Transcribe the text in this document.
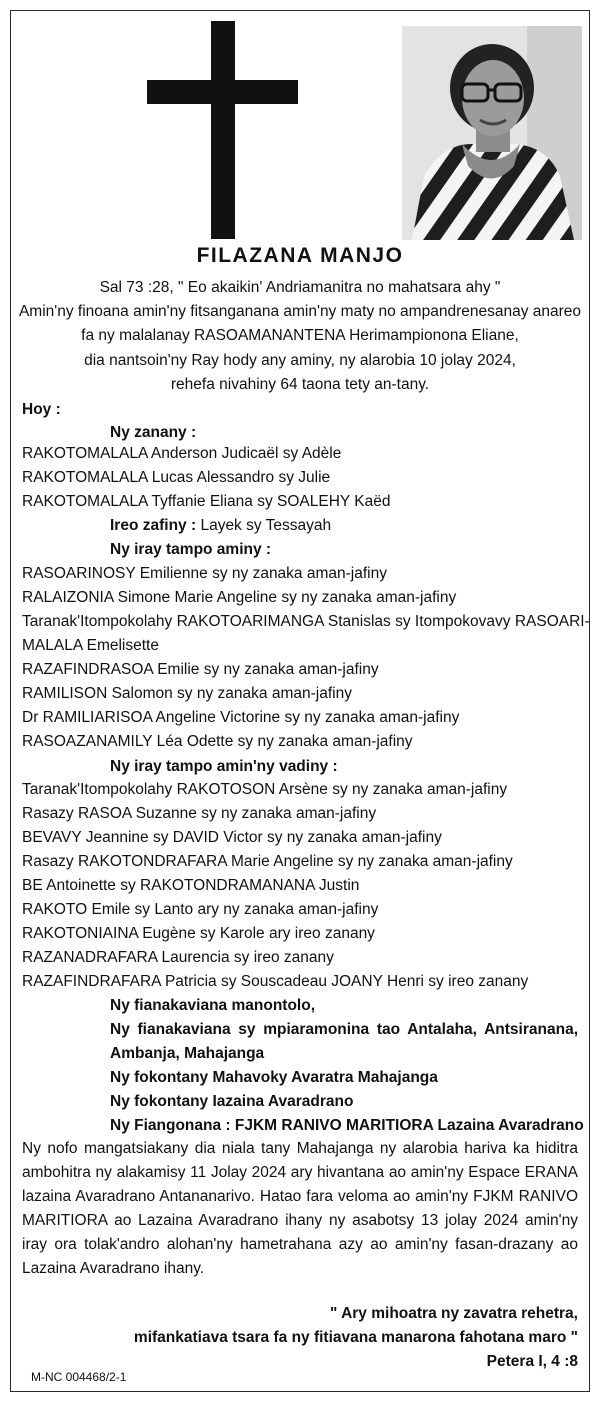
FILAZANA MANJO
Sal 73 :28, " Eo akaikin' Andriamanitra no mahatsara ahy "
Amin'ny finoana amin'ny fitsanganana amin'ny maty no ampandrenesanay anareo
fa ny malalanay RASOAMANANTENA Herimampionona Eliane,
dia nantsoin'ny Ray hody any aminy, ny alarobia 10 jolay 2024,
rehefa nivahiny 64 taona tety an-tany.
Hoy :
Ny zanany :
RAKOTOMALALA Anderson Judicaël sy Adèle
RAKOTOMALALA Lucas Alessandro sy Julie
RAKOTOMALALA Tyffanie Eliana sy SOALEHY Kaëd
Ireo zafiny : Layek sy Tessayah
Ny iray tampo aminy :
RASOARINOSY Emilienne sy ny zanaka aman-jafiny
RALAIZONIA Simone Marie Angeline sy ny zanaka aman-jafiny
Taranak'Itompokolahy RAKOTOARIMANGA Stanislas sy Itompokovavy RASOARI-
MALALA Emelisette
RAZAFINDRASOA Emilie sy ny zanaka aman-jafiny
RAMILISON Salomon sy ny zanaka aman-jafiny
Dr RAMILIARISOA Angeline Victorine sy ny zanaka aman-jafiny
RASOAZANAMILY Léa Odette sy ny zanaka aman-jafiny
Ny iray tampo amin'ny vadiny :
Taranak'Itompokolahy RAKOTOSON Arsène sy ny zanaka aman-jafiny
Rasazy RASOA Suzanne sy ny zanaka aman-jafiny
BEVAVY Jeannine sy DAVID Victor sy ny zanaka aman-jafiny
Rasazy RAKOTONDRAFARA Marie Angeline sy ny zanaka aman-jafiny
BE Antoinette sy RAKOTONDRAMANANA Justin
RAKOTO Emile sy Lanto ary ny zanaka aman-jafiny
RAKOTONIAINA Eugène sy Karole ary ireo zanany
RAZANADRAFARA Laurencia sy ireo zanany
RAZAFINDRAFARA Patricia sy Souscadeau JOANY Henri sy ireo zanany
Ny fianakaviana manontolo,
Ny fianakaviana sy mpiaramonina tao Antalaha, Antsiranana, Ambanja, Mahajanga
Ny fokontany Mahavoky Avaratra Mahajanga
Ny fokontany Iazaina Avaradrano
Ny Fiangonana : FJKM RANIVO MARITIORA Lazaina Avaradrano
Ny nofo mangatsiakany dia niala tany Mahajanga ny alarobia hariva ka hiditra ambohitra ny alakamisy 11 Jolay 2024 ary hivantana ao amin'ny Espace ERANA lazaina Avaradrano Antananarivo. Hatao fara veloma ao amin'ny FJKM RANIVO MARITIORA ao Lazaina Avaradrano ihany ny asabotsy 13 jolay 2024 amin'ny iray ora tolak'andro alohan'ny hametrahana azy ao amin'ny fasan-drazany ao Lazaina Avaradrano ihany.
" Ary mihoatra ny zavatra rehetra,
mifankatiava tsara fa ny fitiavana manarona fahotana maro "
Petera I, 4 :8
M-NC 004468/2-1
